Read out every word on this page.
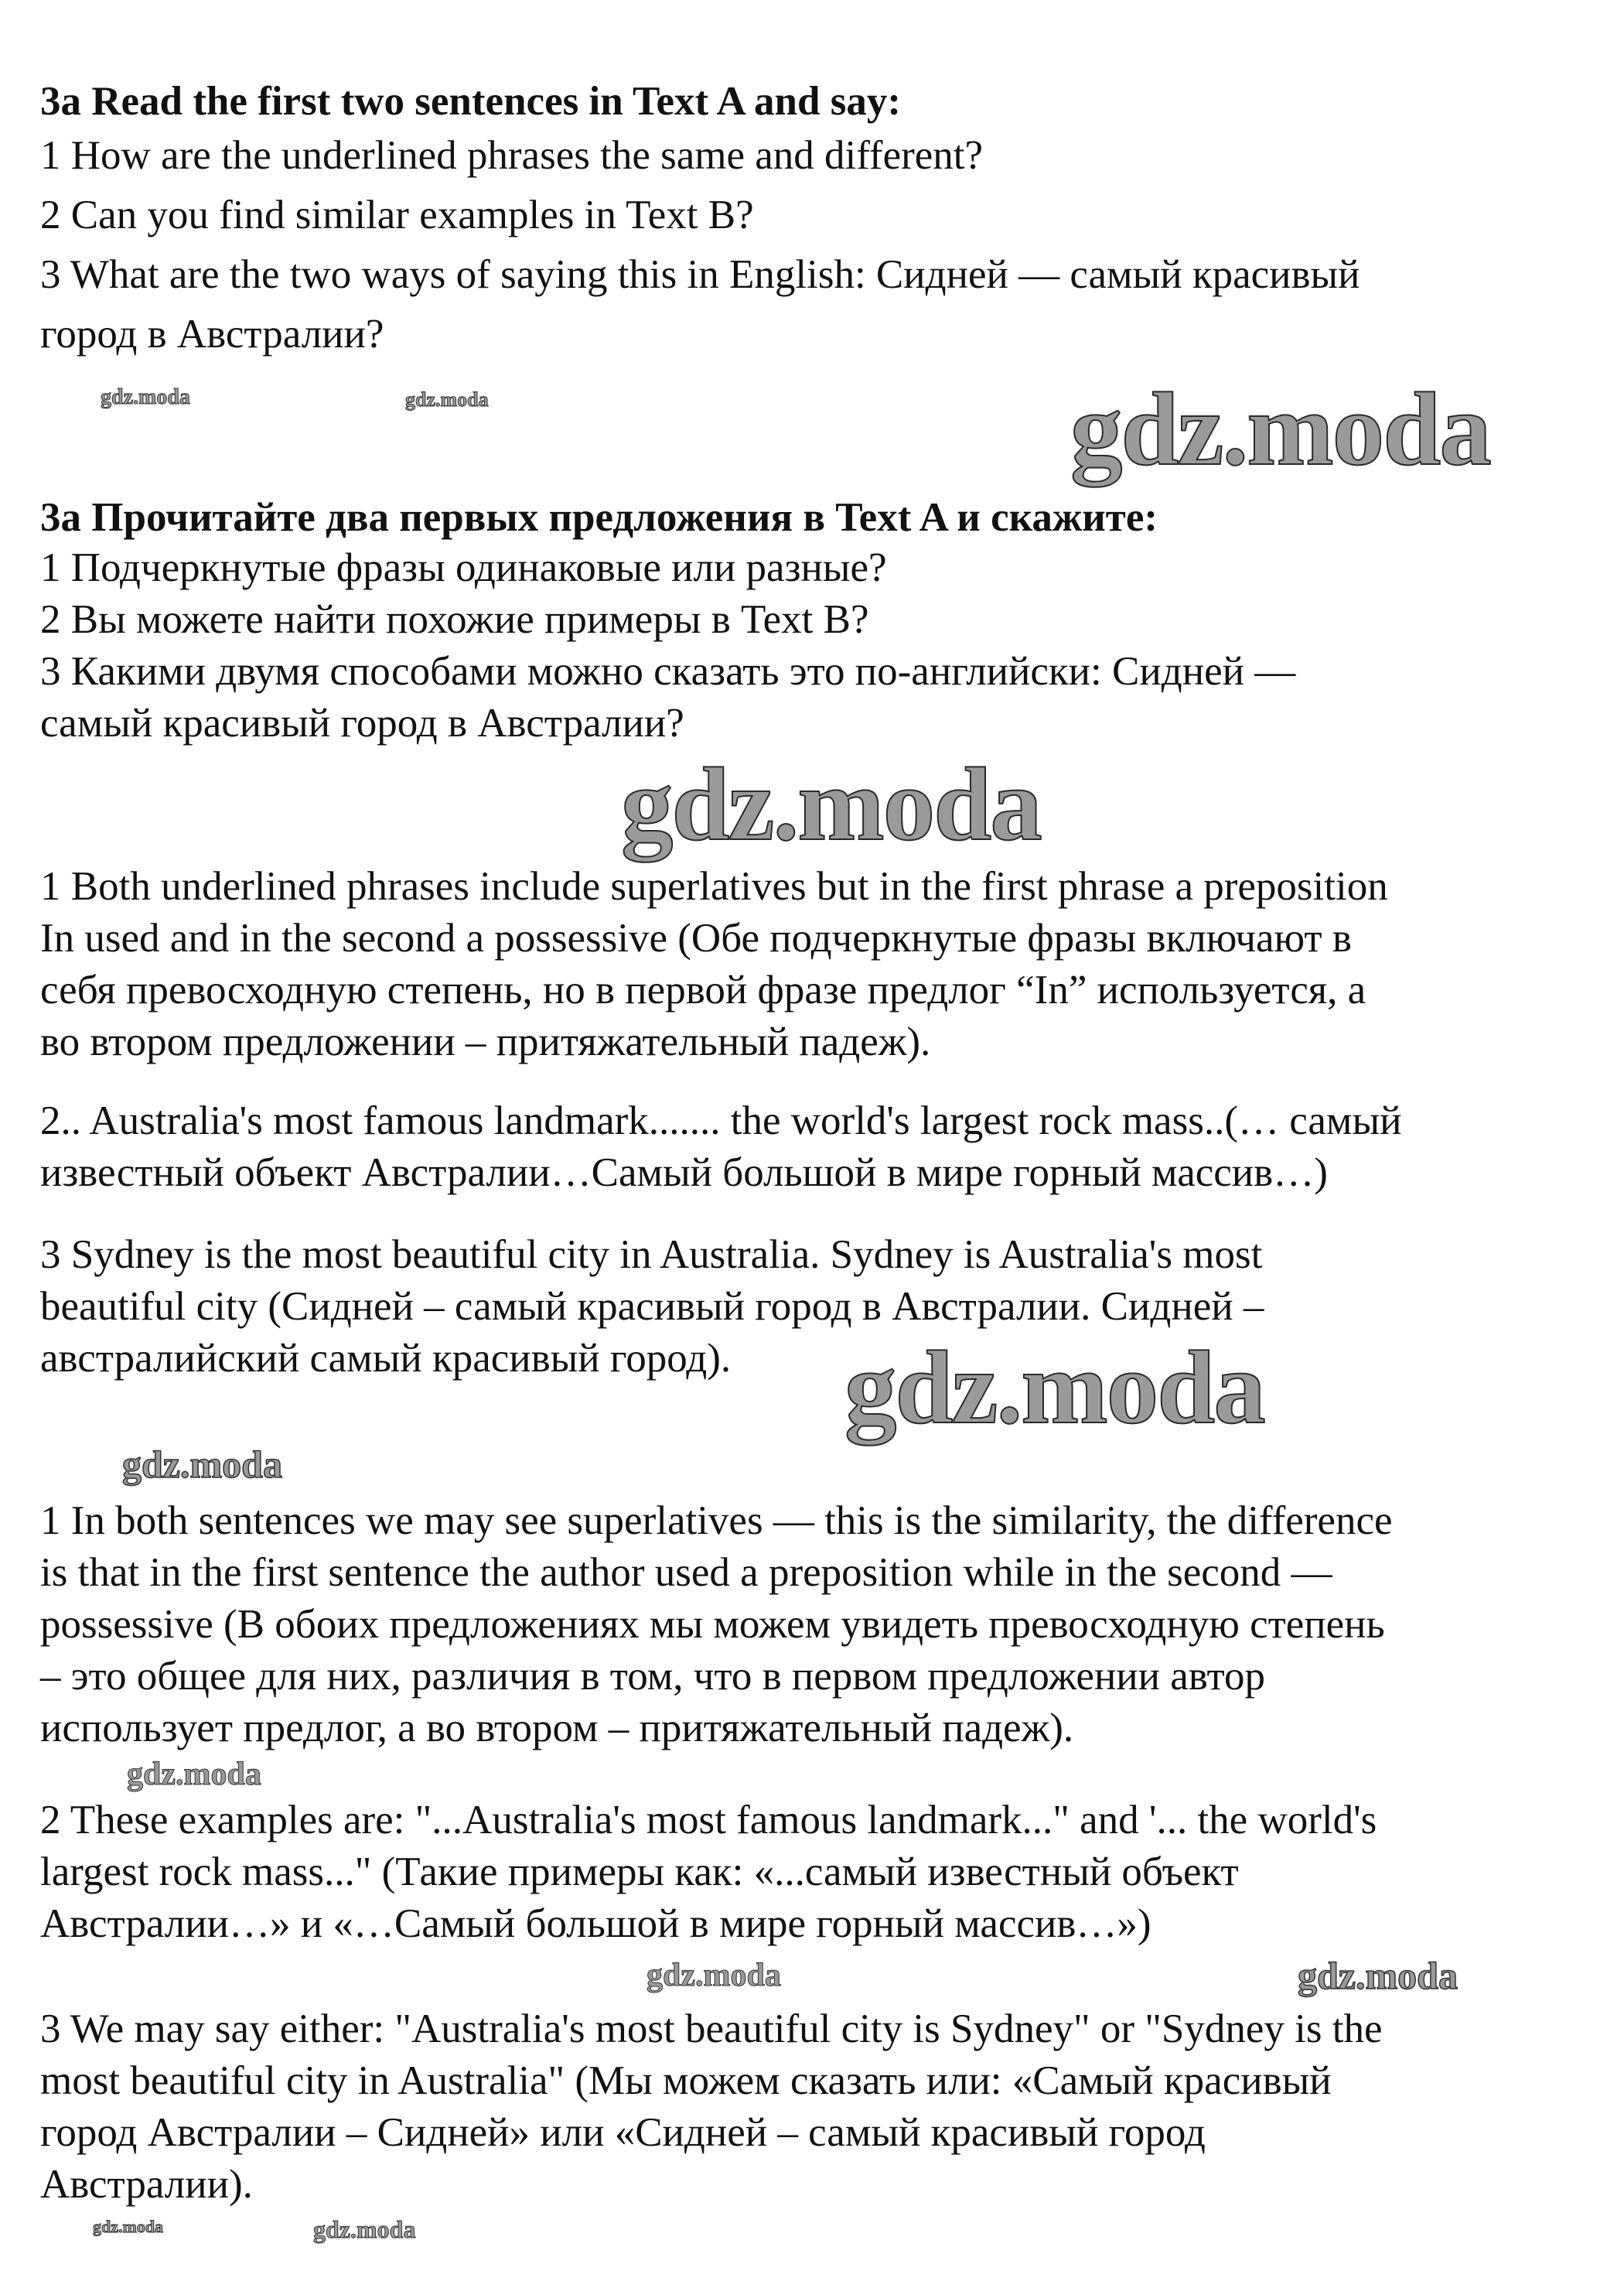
3a Read the first two sentences in Text A and say:

1 How are the underlined phrases the same and different?
2 Can you find similar examples in Text B?
3 What are the two ways of saying this in English: Сидней — самый красивый
город в Австралии?

3a Прочитайте два первых предложения в Text A и скажите:

1 Подчеркнутые фразы одинаковые или разные?
2 Вы можете найти похожие примеры в Text B?
3 Какими двумя способами можно сказать это по-английски: Сидней —
самый красивый город в Австралии?

1 Both underlined phrases include superlatives but in the first phrase a preposition
In used and in the second a possessive (Обе подчеркнутые фразы включают в
себя превосходную степень, но в первой фразе предлог “In” используется, а
во втором предложении – притяжательный падеж).

2.. Australia's most famous landmark....... the world's largest rock mass..(… самый
известный объект Австралии…Самый большой в мире горный массив…)

3 Sydney is the most beautiful city in Australia. Sydney is Australia's most
beautiful city (Сидней – самый красивый город в Австралии. Сидней –
австралийский самый красивый город).

1 In both sentences we may see superlatives — this is the similarity, the difference
is that in the first sentence the author used a preposition while in the second —
possessive (В обоих предложениях мы можем увидеть превосходную степень
– это общее для них, различия в том, что в первом предложении автор
использует предлог, а во втором – притяжательный падеж).

2 These examples are: "...Australia's most famous landmark..." and '... the world's
largest rock mass..." (Такие примеры как: «...самый известный объект
Австралии…» и «…Самый большой в мире горный массив…»)

3 We may say either: "Australia's most beautiful city is Sydney" or "Sydney is the
most beautiful city in Australia" (Мы можем сказать или: «Самый красивый
город Австралии – Сидней» или «Сидней – самый красивый город
Австралии).

gdz.moda
gdz.moda
gdz.moda
gdz.moda	gdz.moda
gdz.moda
gdz.moda
gdz.moda	gdz.moda
gdz.moda	gdz.moda
